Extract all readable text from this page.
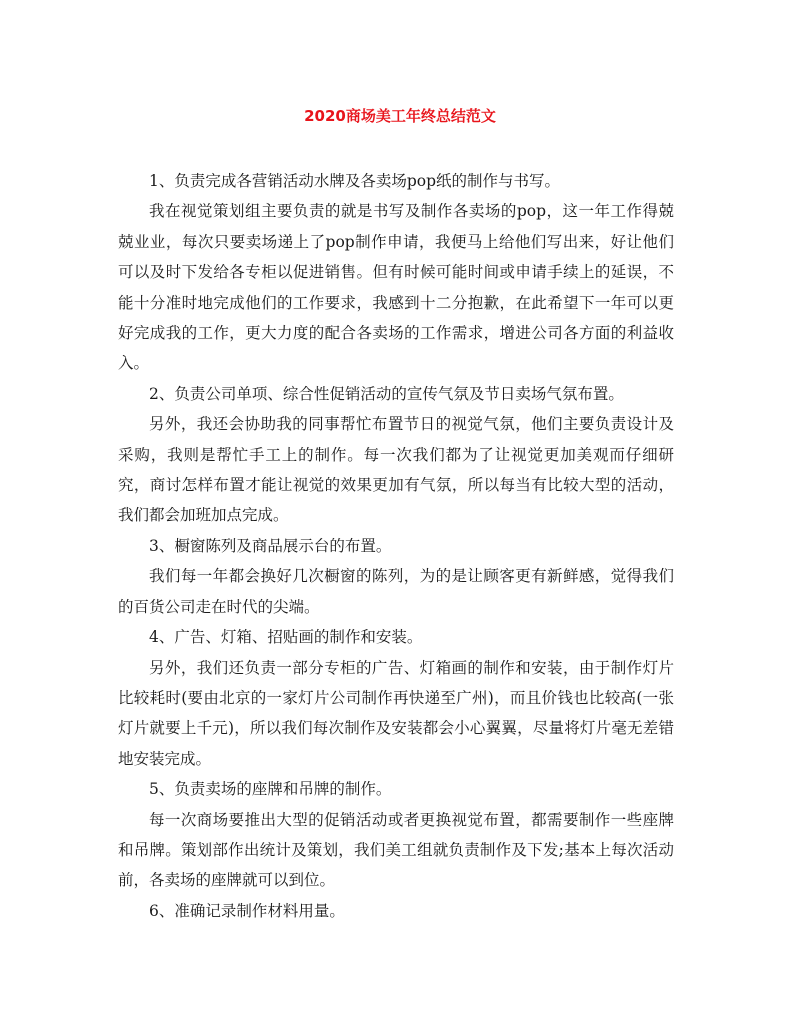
2020商场美工年终总结范文

1、负责完成各营销活动水牌及各卖场pop纸的制作与书写。

我在视觉策划组主要负责的就是书写及制作各卖场的pop，这一年工作得兢兢业业，每次只要卖场递上了pop制作申请，我便马上给他们写出来，好让他们可以及时下发给各专柜以促进销售。但有时候可能时间或申请手续上的延误，不能十分准时地完成他们的工作要求，我感到十二分抱歉，在此希望下一年可以更好完成我的工作，更大力度的配合各卖场的工作需求，增进公司各方面的利益收入。

2、负责公司单项、综合性促销活动的宣传气氛及节日卖场气氛布置。

另外，我还会协助我的同事帮忙布置节日的视觉气氛，他们主要负责设计及采购，我则是帮忙手工上的制作。每一次我们都为了让视觉更加美观而仔细研究，商讨怎样布置才能让视觉的效果更加有气氛，所以每当有比较大型的活动，我们都会加班加点完成。

3、橱窗陈列及商品展示台的布置。

我们每一年都会换好几次橱窗的陈列，为的是让顾客更有新鲜感，觉得我们的百货公司走在时代的尖端。

4、广告、灯箱、招贴画的制作和安装。

另外，我们还负责一部分专柜的广告、灯箱画的制作和安装，由于制作灯片比较耗时(要由北京的一家灯片公司制作再快递至广州)，而且价钱也比较高(一张灯片就要上千元)，所以我们每次制作及安装都会小心翼翼，尽量将灯片毫无差错地安装完成。

5、负责卖场的座牌和吊牌的制作。

每一次商场要推出大型的促销活动或者更换视觉布置，都需要制作一些座牌和吊牌。策划部作出统计及策划，我们美工组就负责制作及下发;基本上每次活动前，各卖场的座牌就可以到位。

6、准确记录制作材料用量。
